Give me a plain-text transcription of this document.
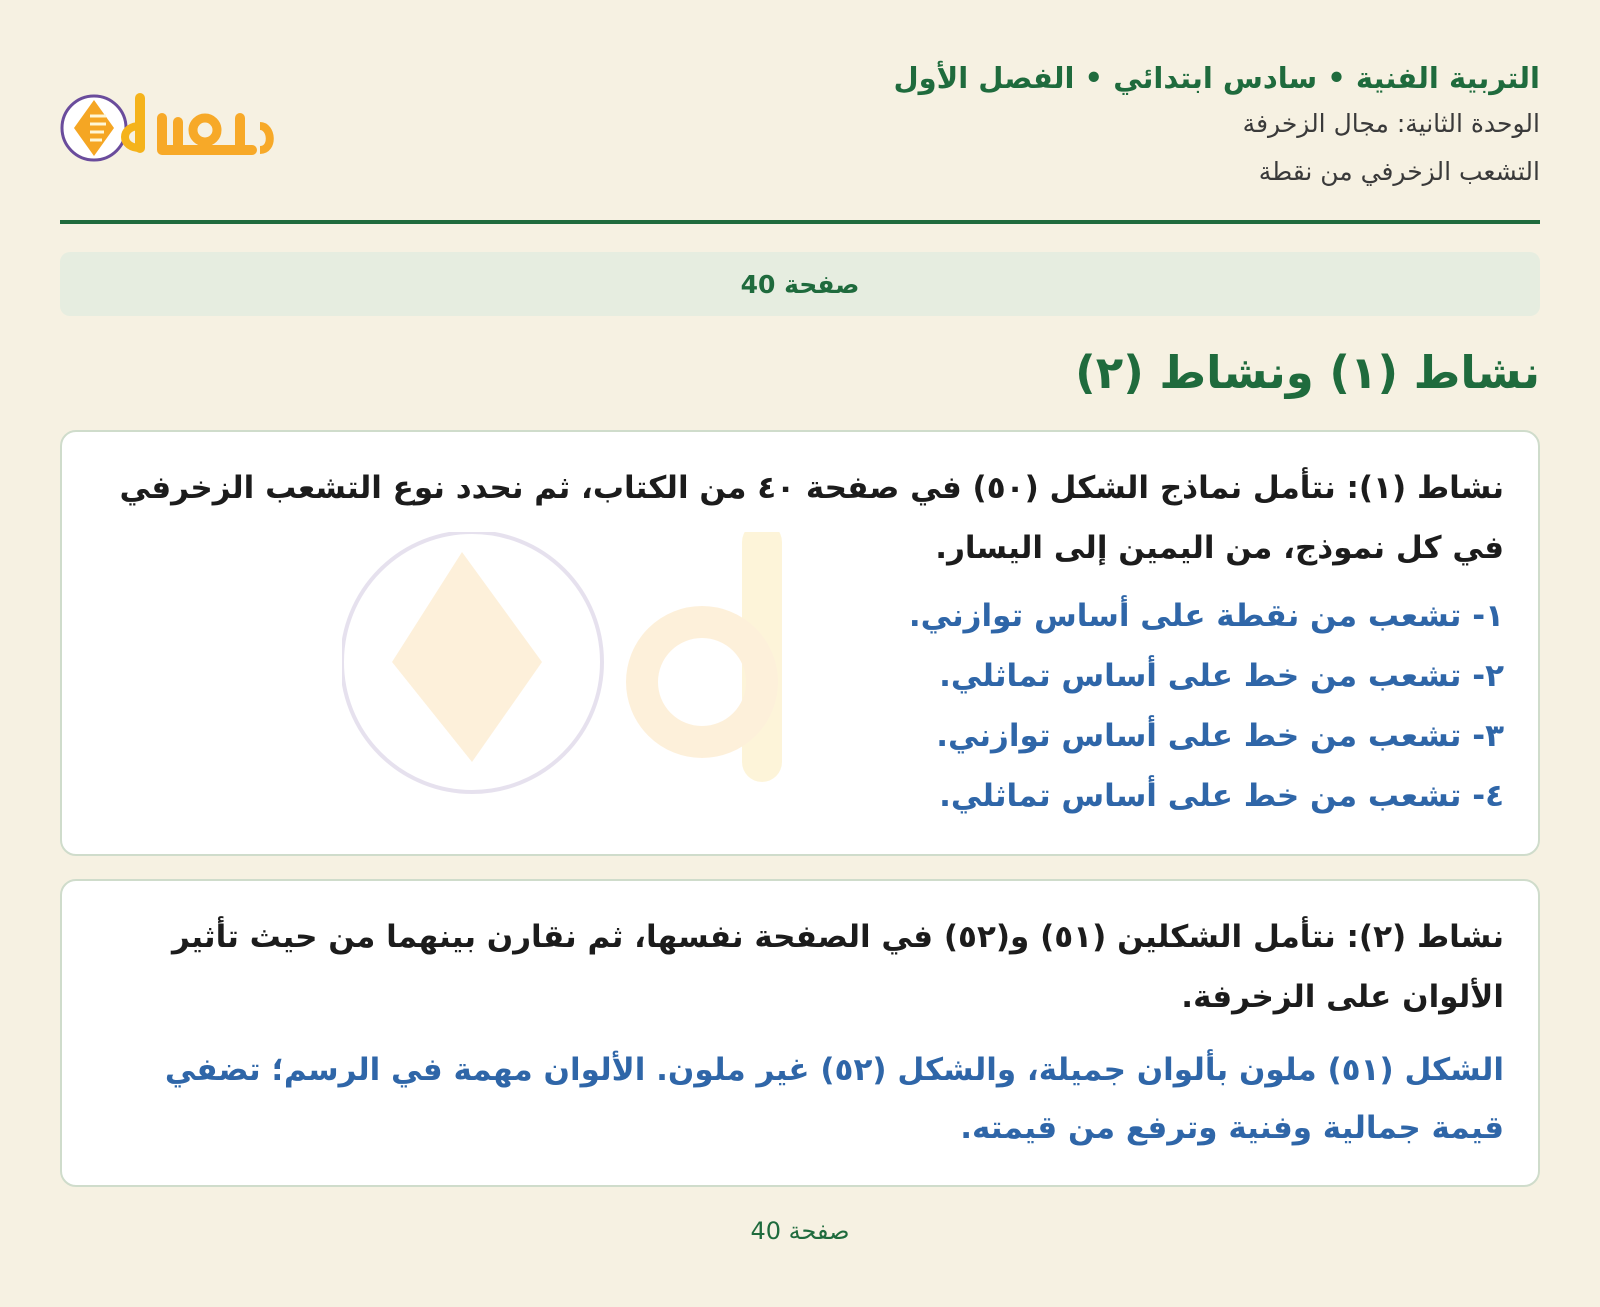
التربية الفنية • سادس ابتدائي • الفصل الأول
الوحدة الثانية: مجال الزخرفة
التشعب الزخرفي من نقطة
صفحة 40
نشاط (١) ونشاط (٢)
نشاط (١): نتأمل نماذج الشكل (٥٠) في صفحة ٤٠ من الكتاب، ثم نحدد نوع التشعب الزخرفي في كل نموذج، من اليمين إلى اليسار.
١- تشعب من نقطة على أساس توازني.
٢- تشعب من خط على أساس تماثلي.
٣- تشعب من خط على أساس توازني.
٤- تشعب من خط على أساس تماثلي.
نشاط (٢): نتأمل الشكلين (٥١) و(٥٢) في الصفحة نفسها، ثم نقارن بينهما من حيث تأثير الألوان على الزخرفة.
الشكل (٥١) ملون بألوان جميلة، والشكل (٥٢) غير ملون. الألوان مهمة في الرسم؛ تضفي قيمة جمالية وفنية وترفع من قيمته.
صفحة 40
